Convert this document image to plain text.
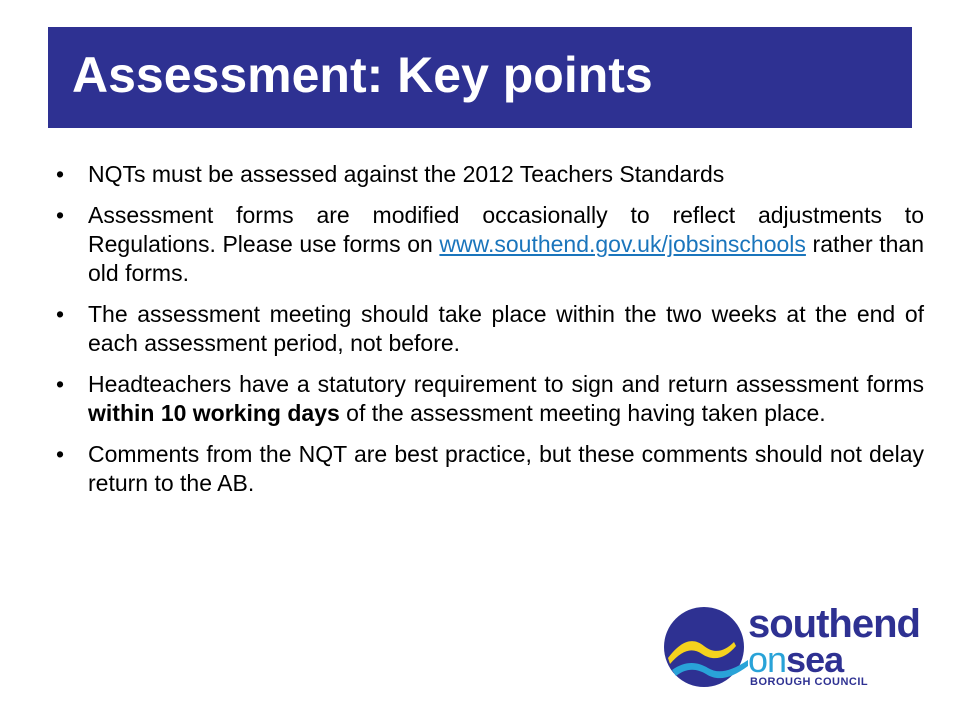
Assessment: Key points
• NQTs must be assessed against the 2012 Teachers Standards
• Assessment forms are modified occasionally to reflect adjustments to Regulations. Please use forms on www.southend.gov.uk/jobsinschools rather than old forms.
• The assessment meeting should take place within the two weeks at the end of each assessment period, not before.
• Headteachers have a statutory requirement to sign and return assessment forms within 10 working days of the assessment meeting having taken place.
• Comments from the NQT are best practice, but these comments should not delay return to the AB.
southend
onsea
BOROUGH COUNCIL
